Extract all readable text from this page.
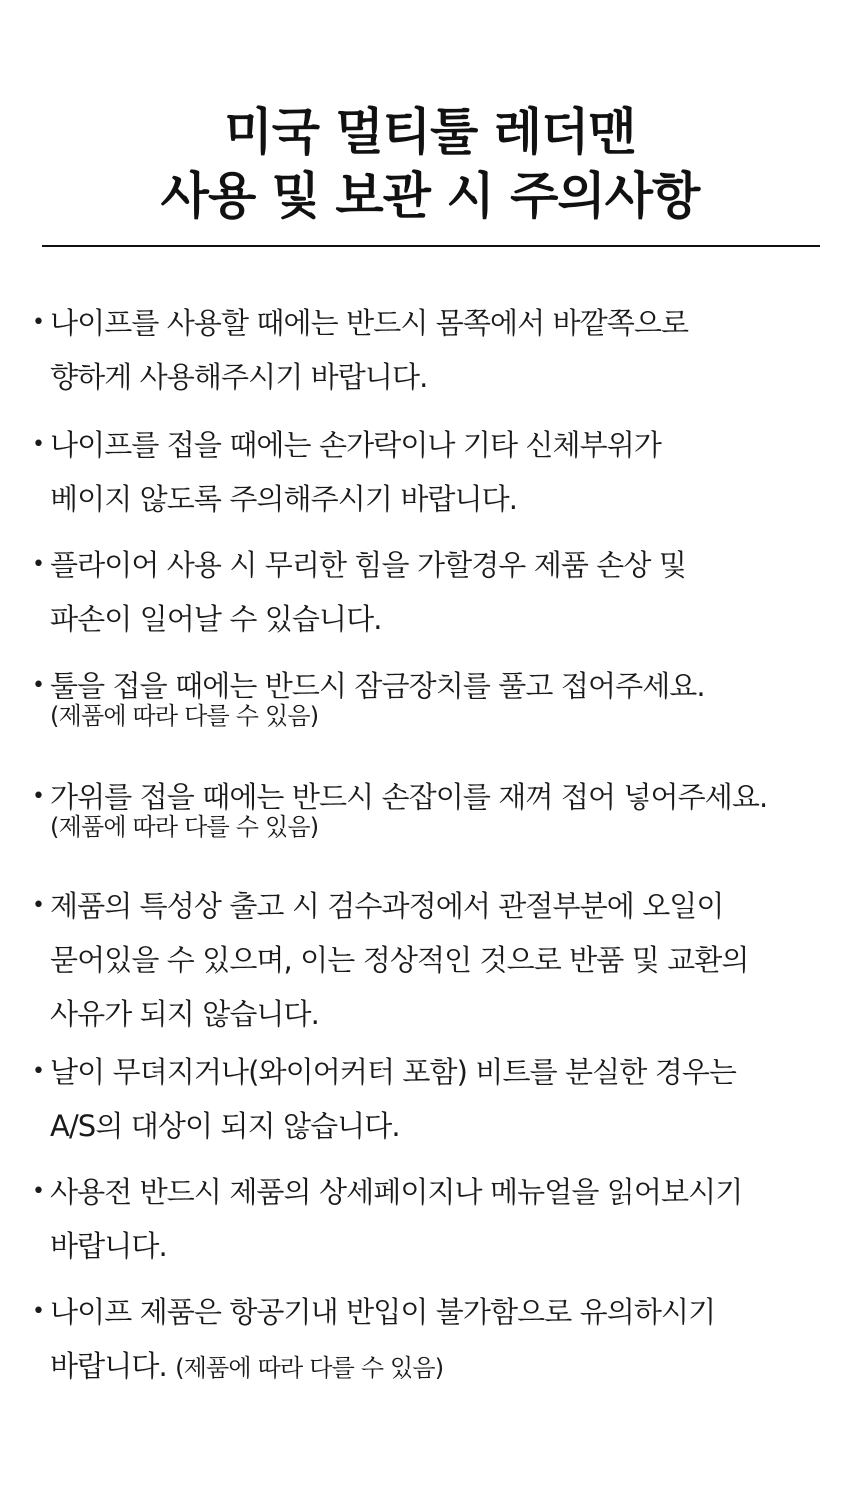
미국 멀티툴 레더맨
사용 및 보관 시 주의사항
• 나이프를 사용할 때에는 반드시 몸쪽에서 바깥쪽으로
향하게 사용해주시기 바랍니다.
• 나이프를 접을 때에는 손가락이나 기타 신체부위가
베이지 않도록 주의해주시기 바랍니다.
• 플라이어 사용 시 무리한 힘을 가할경우 제품 손상 및
파손이 일어날 수 있습니다.
• 툴을 접을 때에는 반드시 잠금장치를 풀고 접어주세요.
(제품에 따라 다를 수 있음)
• 가위를 접을 때에는 반드시 손잡이를 재껴 접어 넣어주세요.
(제품에 따라 다를 수 있음)
• 제품의 특성상 출고 시 검수과정에서 관절부분에 오일이
묻어있을 수 있으며, 이는 정상적인 것으로 반품 및 교환의
사유가 되지 않습니다.
• 날이 무뎌지거나(와이어커터 포함) 비트를 분실한 경우는
A/S의 대상이 되지 않습니다.
• 사용전 반드시 제품의 상세페이지나 메뉴얼을 읽어보시기
바랍니다.
• 나이프 제품은 항공기내 반입이 불가함으로 유의하시기
바랍니다. (제품에 따라 다를 수 있음)
